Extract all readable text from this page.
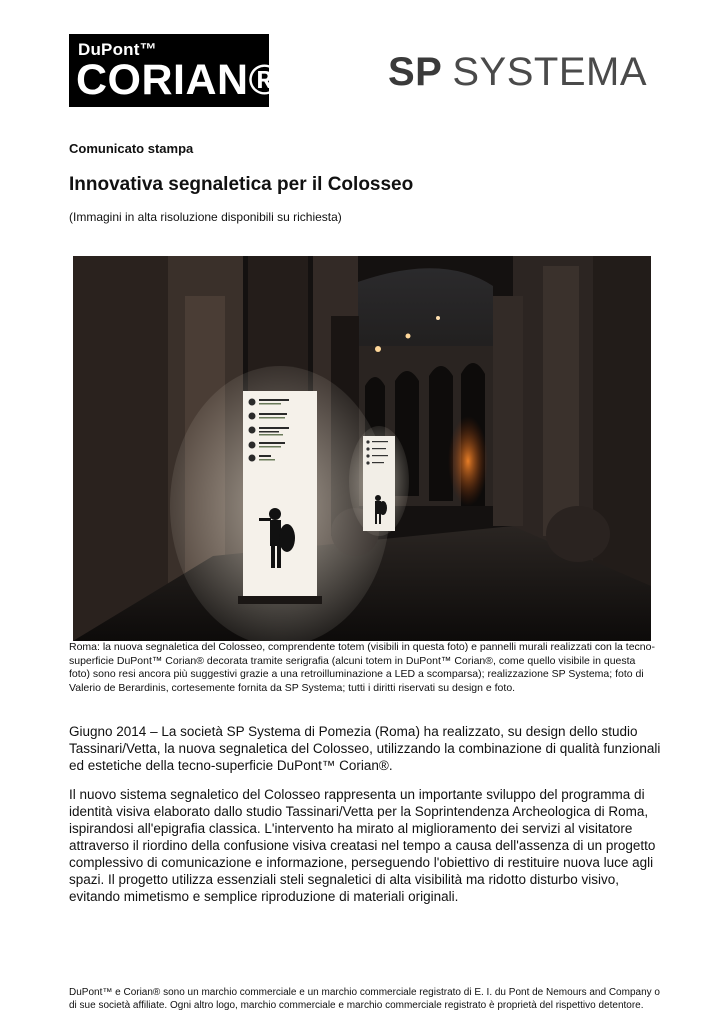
DuPont™
CORIAN®	SP SYSTEMA
Comunicato stampa
Innovativa segnaletica per il Colosseo
(Immagini in alta risoluzione disponibili su richiesta)
Roma: la nuova segnaletica del Colosseo, comprendente totem (visibili in questa foto) e pannelli murali realizzati con la tecno-superficie DuPont™ Corian® decorata tramite serigrafia (alcuni totem in DuPont™ Corian®, come quello visibile in questa foto) sono resi ancora più suggestivi grazie a una retroilluminazione a LED a scomparsa); realizzazione SP Systema; foto di Valerio de Berardinis, cortesemente fornita da SP Systema; tutti i diritti riservati su design e foto.
Giugno 2014 – La società SP Systema di Pomezia (Roma) ha realizzato, su design dello studio Tassinari/Vetta, la nuova segnaletica del Colosseo, utilizzando la combinazione di qualità funzionali ed estetiche della tecno-superficie DuPont™ Corian®.
Il nuovo sistema segnaletico del Colosseo rappresenta un importante sviluppo del programma di identità visiva elaborato dallo studio Tassinari/Vetta per la Soprintendenza Archeologica di Roma, ispirandosi all'epigrafia classica. L'intervento ha mirato al miglioramento dei servizi al visitatore attraverso il riordino della confusione visiva creatasi nel tempo a causa dell'assenza di un progetto complessivo di comunicazione e informazione, perseguendo l'obiettivo di restituire nuova luce agli spazi. Il progetto utilizza essenziali steli segnaletici di alta visibilità ma ridotto disturbo visivo, evitando mimetismo e semplice riproduzione di materiali originali.
DuPont™ e Corian® sono un marchio commerciale e un marchio commerciale registrato di E. I. du Pont de Nemours and Company o di sue società affiliate. Ogni altro logo, marchio commerciale e marchio commerciale registrato è proprietà del rispettivo detentore.
